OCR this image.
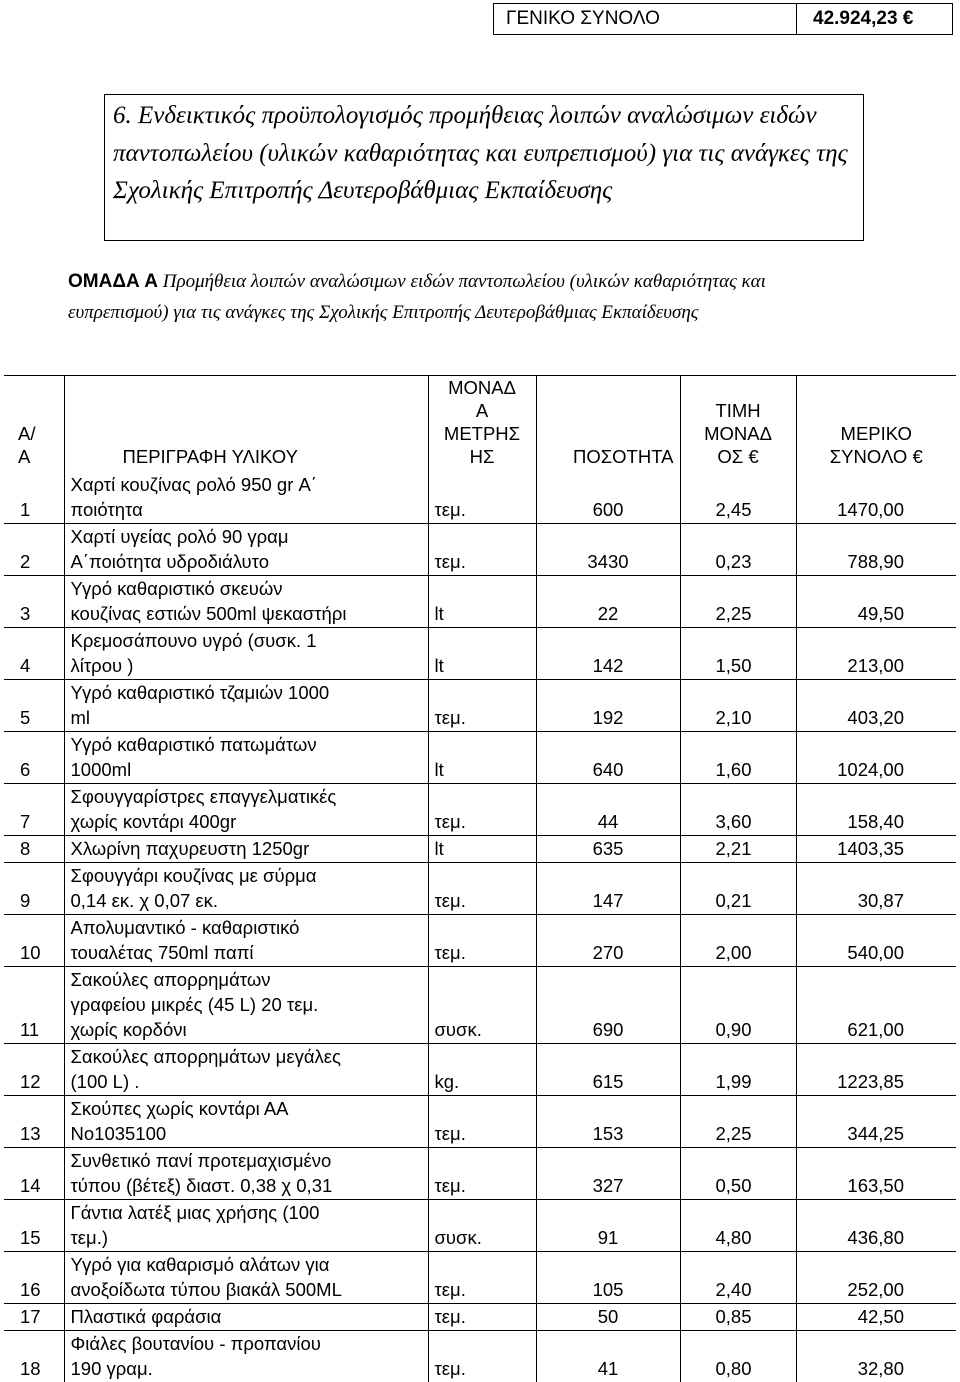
ΓΕΝΙΚΟ ΣΥΝΟΛΟ	42.924,23 €
6. Ενδεικτικός προϋπολογισμός προμήθειας λοιπών αναλώσιμων ειδών παντοπωλείου (υλικών καθαριότητας και ευπρεπισμού) για τις ανάγκες της Σχολικής Επιτροπής Δευτεροβάθμιας Εκπαίδευσης
ΟΜΑΔΑ Α Προμήθεια λοιπών αναλώσιμων ειδών παντοπωλείου (υλικών καθαριότητας και ευπρεπισμού) για τις ανάγκες της Σχολικής Επιτροπής Δευτεροβάθμιας Εκπαίδευσης
Α/
Α	ΠΕΡΙΓΡΑΦΗ ΥΛΙΚΟΥ	ΜΟΝΑΔ
Α
ΜΕΤΡΗΣ
ΗΣ	ΠΟΣΟΤΗΤΑ	ΤΙΜΗ
ΜΟΝΑΔ
ΟΣ €	ΜΕΡΙΚΟ
ΣΥΝΟΛΟ €

1	Χαρτί κουζίνας ρολό 950 gr Α΄
ποιότητα	τεμ.	600	2,45	1470,00
2	Χαρτί υγείας ρολό 90 γραμ
Α΄ποιότητα υδροδιάλυτο	τεμ.	3430	0,23	788,90
3	Υγρό καθαριστικό σκευών
κουζίνας εστιών 500ml ψεκαστήρι	lt	22	2,25	49,50
4	Κρεμοσάπουνο υγρό (συσκ. 1
λίτρου )	lt	142	1,50	213,00
5	Υγρό καθαριστικό τζαμιών 1000
ml	τεμ.	192	2,10	403,20
6	Υγρό καθαριστικό πατωμάτων
1000ml	lt	640	1,60	1024,00
7	Σφουγγαρίστρες επαγγελματικές
χωρίς κοντάρι 400gr	τεμ.	44	3,60	158,40
8	Χλωρίνη παχυρευστη 1250gr	lt	635	2,21	1403,35
9	Σφουγγάρι κουζίνας με σύρμα
0,14 εκ. χ 0,07 εκ.	τεμ.	147	0,21	30,87
10	Απολυμαντικό - καθαριστικό
τουαλέτας 750ml παπί	τεμ.	270	2,00	540,00
11	Σακούλες απορρημάτων
γραφείου μικρές (45 L) 20 τεμ.
χωρίς κορδόνι	συσκ.	690	0,90	621,00
12	Σακούλες απορρημάτων μεγάλες
(100 L) .	kg.	615	1,99	1223,85
13	Σκούπες χωρίς κοντάρι ΑΑ
Νο1035100	τεμ.	153	2,25	344,25
14	Συνθετικό πανί προτεμαχισμένο
τύπου (βέτεξ) διαστ. 0,38 χ 0,31	τεμ.	327	0,50	163,50
15	Γάντια λατέξ μιας χρήσης (100
τεμ.)	συσκ.	91	4,80	436,80
16	Υγρό για καθαρισμό αλάτων για
ανοξοίδωτα τύπου βιακάλ 500ML	τεμ.	105	2,40	252,00
17	Πλαστικά φαράσια	τεμ.	50	0,85	42,50
18	Φιάλες βουτανίου - προπανίου
190 γραμ.	τεμ.	41	0,80	32,80
